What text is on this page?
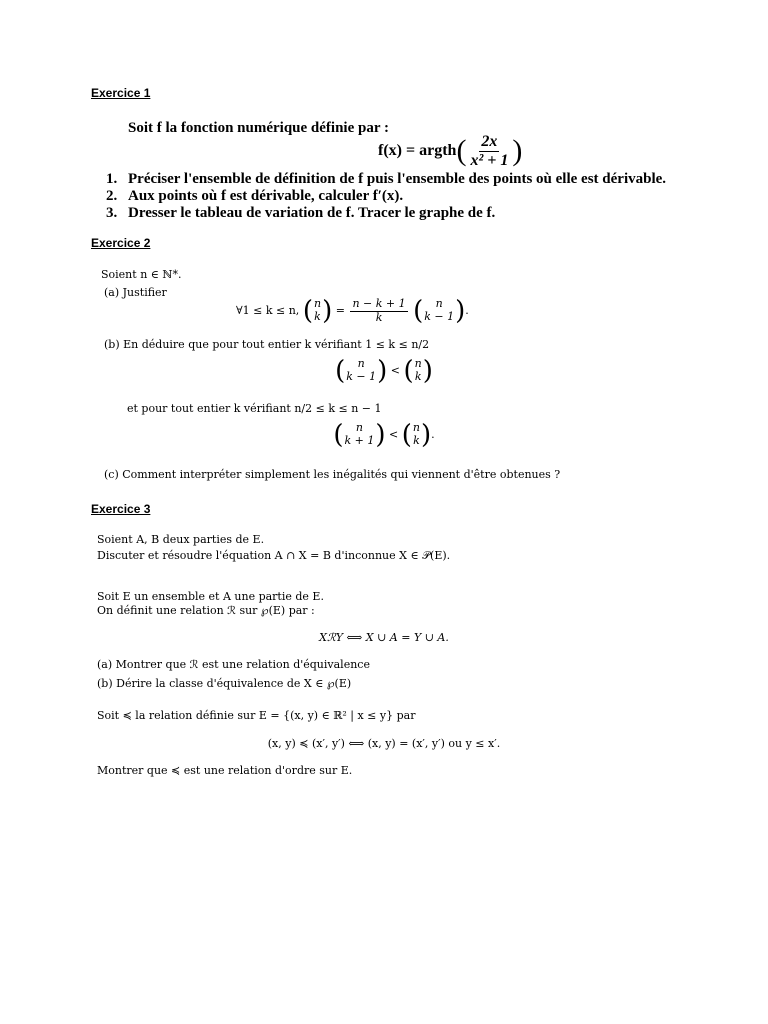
Exercice 1
Soit f la fonction numérique définie par :
f(x) = argth( $\frac{2x}{\text{x² + 1}}$ )
1. Préciser l'ensemble de définition de f puis l'ensemble des points où elle est dérivable.
2. Aux points où f est dérivable, calculer f′(x).
3. Dresser le tableau de variation de f. Tracer le graphe de f.
Exercice 2
Soient n ∈ ℕ*.
(a) Justifier
∀1 ≤ k ≤ n, ( n
k ) = $\frac{n - k + 1}{k}$ ( n
k − 1 ).
(b) En déduire que pour tout entier k vérifiant 1 ≤ k ≤ n/2
( n
k − 1 ) < ( n
k )
et pour tout entier k vérifiant n/2 ≤ k ≤ n − 1
( n
k + 1 ) < ( n
k ).
(c) Comment interpréter simplement les inégalités qui viennent d'être obtenues ?
Exercice 3
Soient A, B deux parties de E.
Discuter et résoudre l'équation A ∩ X = B d'inconnue X ∈ 𝒫(E).
Soit E un ensemble et A une partie de E.
On définit une relation ℛ sur ℘(E) par :
XℛY ⟺ X ∪ A = Y ∪ A.
(a) Montrer que ℛ est une relation d'équivalence
(b) Dérire la classe d'équivalence de X ∈ ℘(E)
Soit ≼ la relation définie sur E = {(x, y) ∈ ℝ² | x ≤ y} par
(x, y) ≼ (x′, y′) ⟺ (x, y) = (x′, y′) ou y ≤ x′.
Montrer que ≼ est une relation d'ordre sur E.
